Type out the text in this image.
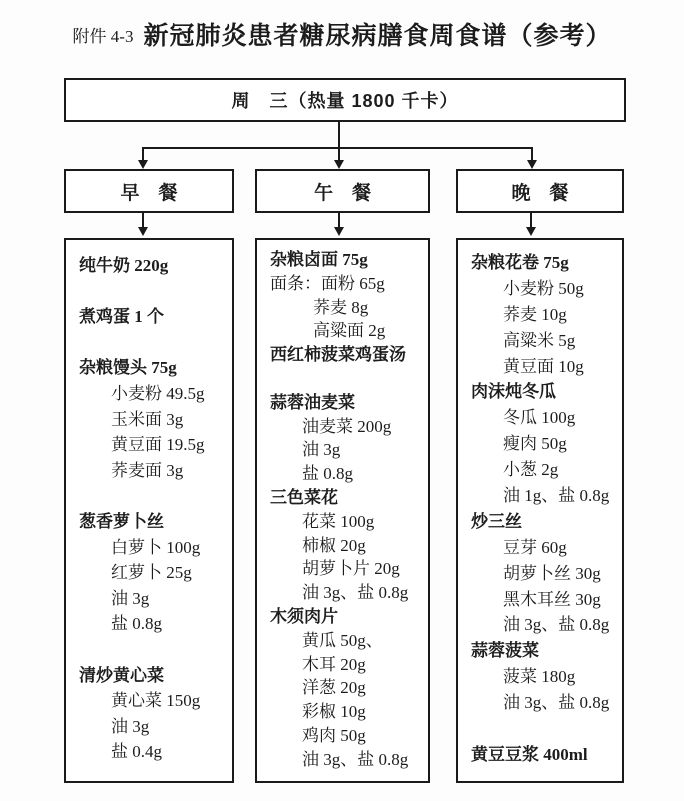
附件 4-3 新冠肺炎患者糖尿病膳食周食谱（参考）
周　三（热量 1800 千卡）
早　餐	午　餐	晚　餐
纯牛奶 220g

煮鸡蛋 1 个

杂粮馒头 75g
小麦粉 49.5g
玉米面 3g
黄豆面 19.5g
荞麦面 3g

葱香萝卜丝
白萝卜 100g
红萝卜 25g
油 3g
盐 0.8g

清炒黄心菜
黄心菜 150g
油 3g
盐 0.4g
杂粮卤面 75g
面条：面粉 65g
荞麦 8g
高粱面 2g
西红柿菠菜鸡蛋汤

蒜蓉油麦菜
油麦菜 200g
油 3g
盐 0.8g
三色菜花
花菜 100g
柿椒 20g
胡萝卜片 20g
油 3g、盐 0.8g
木须肉片
黄瓜 50g、
木耳 20g
洋葱 20g
彩椒 10g
鸡肉 50g
油 3g、盐 0.8g
杂粮花卷 75g
小麦粉 50g
荞麦 10g
高粱米 5g
黄豆面 10g
肉沫炖冬瓜
冬瓜 100g
瘦肉 50g
小葱 2g
油 1g、盐 0.8g
炒三丝
豆芽 60g
胡萝卜丝 30g
黑木耳丝 30g
油 3g、盐 0.8g
蒜蓉菠菜
菠菜 180g
油 3g、盐 0.8g

黄豆豆浆 400ml
